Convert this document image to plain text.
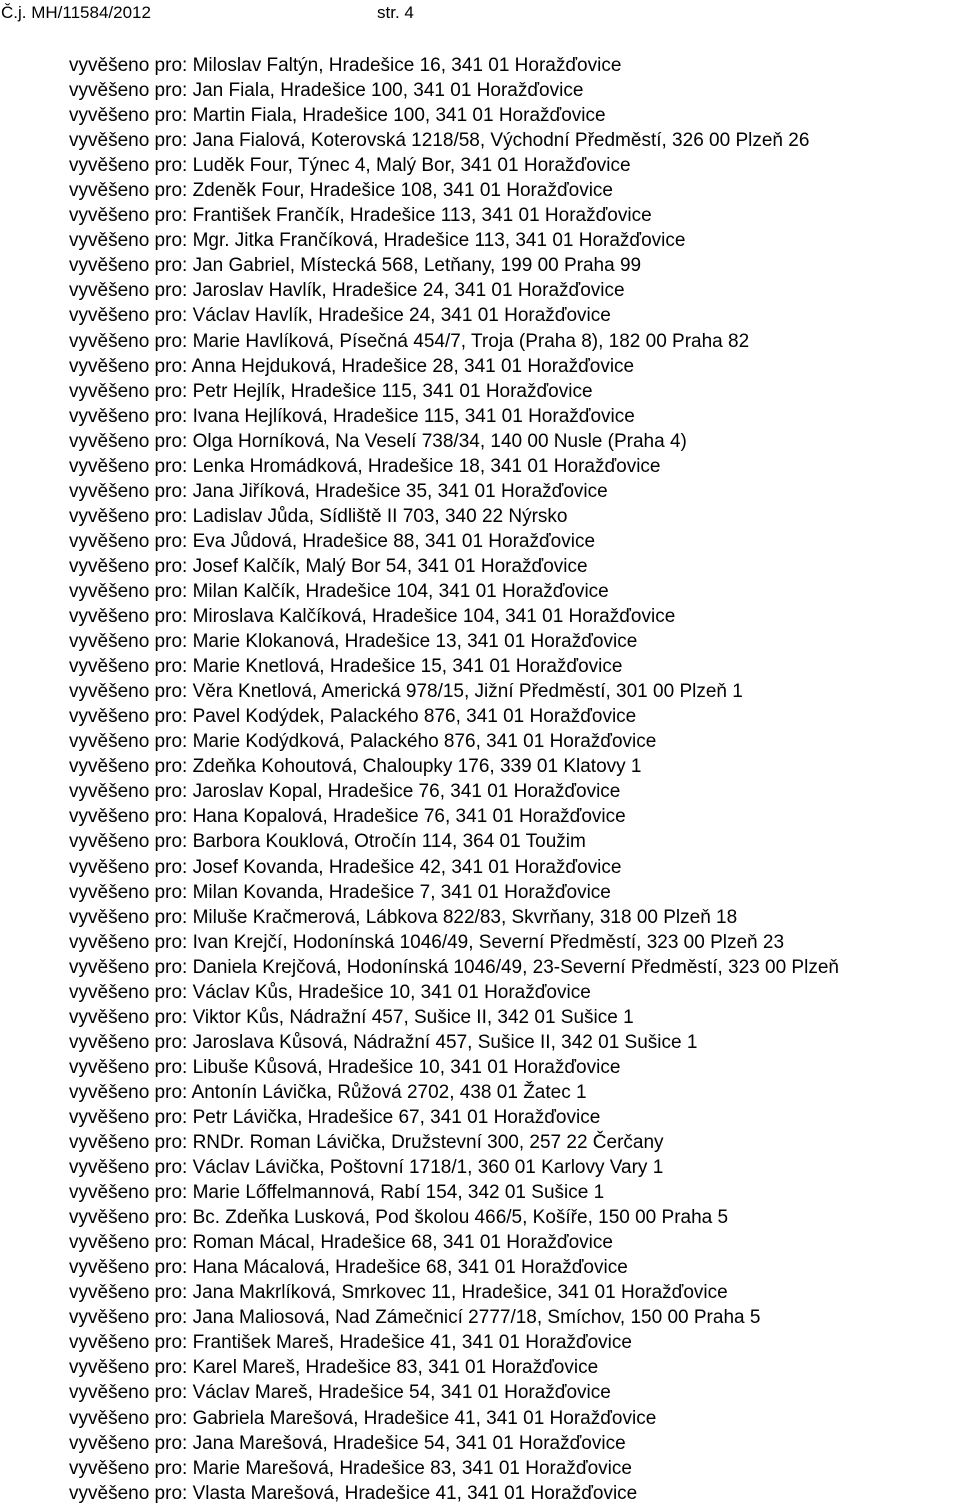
Č.j. MH/11584/2012	str. 4
vyvěšeno pro: Miloslav Faltýn, Hradešice 16, 341 01 Horažďovice
vyvěšeno pro: Jan Fiala, Hradešice 100, 341 01 Horažďovice
vyvěšeno pro: Martin Fiala, Hradešice 100, 341 01 Horažďovice
vyvěšeno pro: Jana Fialová, Koterovská 1218/58, Východní Předměstí, 326 00 Plzeň 26
vyvěšeno pro: Luděk Four, Týnec 4, Malý Bor, 341 01 Horažďovice
vyvěšeno pro: Zdeněk Four, Hradešice 108, 341 01 Horažďovice
vyvěšeno pro: František Frančík, Hradešice 113, 341 01 Horažďovice
vyvěšeno pro: Mgr. Jitka Frančíková, Hradešice 113, 341 01 Horažďovice
vyvěšeno pro: Jan Gabriel, Místecká 568, Letňany, 199 00 Praha 99
vyvěšeno pro: Jaroslav Havlík, Hradešice 24, 341 01 Horažďovice
vyvěšeno pro: Václav Havlík, Hradešice 24, 341 01 Horažďovice
vyvěšeno pro: Marie Havlíková, Písečná 454/7, Troja (Praha 8), 182 00 Praha 82
vyvěšeno pro: Anna Hejduková, Hradešice 28, 341 01 Horažďovice
vyvěšeno pro: Petr Hejlík, Hradešice 115, 341 01 Horažďovice
vyvěšeno pro: Ivana Hejlíková, Hradešice 115, 341 01 Horažďovice
vyvěšeno pro: Olga Horníková, Na Veselí 738/34, 140 00 Nusle (Praha 4)
vyvěšeno pro: Lenka Hromádková, Hradešice 18, 341 01 Horažďovice
vyvěšeno pro: Jana Jiříková, Hradešice 35, 341 01 Horažďovice
vyvěšeno pro: Ladislav Jůda, Sídliště II 703, 340 22 Nýrsko
vyvěšeno pro: Eva Jůdová, Hradešice 88, 341 01 Horažďovice
vyvěšeno pro: Josef Kalčík, Malý Bor 54, 341 01 Horažďovice
vyvěšeno pro: Milan Kalčík, Hradešice 104, 341 01 Horažďovice
vyvěšeno pro: Miroslava Kalčíková, Hradešice 104, 341 01 Horažďovice
vyvěšeno pro: Marie Klokanová, Hradešice 13, 341 01 Horažďovice
vyvěšeno pro: Marie Knetlová, Hradešice 15, 341 01 Horažďovice
vyvěšeno pro: Věra Knetlová, Americká 978/15, Jižní Předměstí, 301 00 Plzeň 1
vyvěšeno pro: Pavel Kodýdek, Palackého 876, 341 01 Horažďovice
vyvěšeno pro: Marie Kodýdková, Palackého 876, 341 01 Horažďovice
vyvěšeno pro: Zdeňka Kohoutová, Chaloupky 176, 339 01 Klatovy 1
vyvěšeno pro: Jaroslav Kopal, Hradešice 76, 341 01 Horažďovice
vyvěšeno pro: Hana Kopalová, Hradešice 76, 341 01 Horažďovice
vyvěšeno pro: Barbora Kouklová, Otročín 114, 364 01 Toužim
vyvěšeno pro: Josef Kovanda, Hradešice 42, 341 01 Horažďovice
vyvěšeno pro: Milan Kovanda, Hradešice 7, 341 01 Horažďovice
vyvěšeno pro: Miluše Kračmerová, Lábkova 822/83, Skvrňany, 318 00 Plzeň 18
vyvěšeno pro: Ivan Krejčí, Hodonínská 1046/49, Severní Předměstí, 323 00 Plzeň 23
vyvěšeno pro: Daniela Krejčová, Hodonínská 1046/49, 23-Severní Předměstí, 323 00 Plzeň
vyvěšeno pro: Václav Kůs, Hradešice 10, 341 01 Horažďovice
vyvěšeno pro: Viktor Kůs, Nádražní 457, Sušice II, 342 01 Sušice 1
vyvěšeno pro: Jaroslava Kůsová, Nádražní 457, Sušice II, 342 01 Sušice 1
vyvěšeno pro: Libuše Kůsová, Hradešice 10, 341 01 Horažďovice
vyvěšeno pro: Antonín Lávička, Růžová 2702, 438 01 Žatec 1
vyvěšeno pro: Petr Lávička, Hradešice 67, 341 01 Horažďovice
vyvěšeno pro: RNDr. Roman Lávička, Družstevní 300, 257 22 Čerčany
vyvěšeno pro: Václav Lávička, Poštovní 1718/1, 360 01 Karlovy Vary 1
vyvěšeno pro: Marie Lőffelmannová, Rabí 154, 342 01 Sušice 1
vyvěšeno pro: Bc. Zdeňka Lusková, Pod školou 466/5, Košíře, 150 00 Praha 5
vyvěšeno pro: Roman Mácal, Hradešice 68, 341 01 Horažďovice
vyvěšeno pro: Hana Mácalová, Hradešice 68, 341 01 Horažďovice
vyvěšeno pro: Jana Makrlíková, Smrkovec 11, Hradešice, 341 01 Horažďovice
vyvěšeno pro: Jana Maliosová, Nad Zámečnicí 2777/18, Smíchov, 150 00 Praha 5
vyvěšeno pro: František Mareš, Hradešice 41, 341 01 Horažďovice
vyvěšeno pro: Karel Mareš, Hradešice 83, 341 01 Horažďovice
vyvěšeno pro: Václav Mareš, Hradešice 54, 341 01 Horažďovice
vyvěšeno pro: Gabriela Marešová, Hradešice 41, 341 01 Horažďovice
vyvěšeno pro: Jana Marešová, Hradešice 54, 341 01 Horažďovice
vyvěšeno pro: Marie Marešová, Hradešice 83, 341 01 Horažďovice
vyvěšeno pro: Vlasta Marešová, Hradešice 41, 341 01 Horažďovice
